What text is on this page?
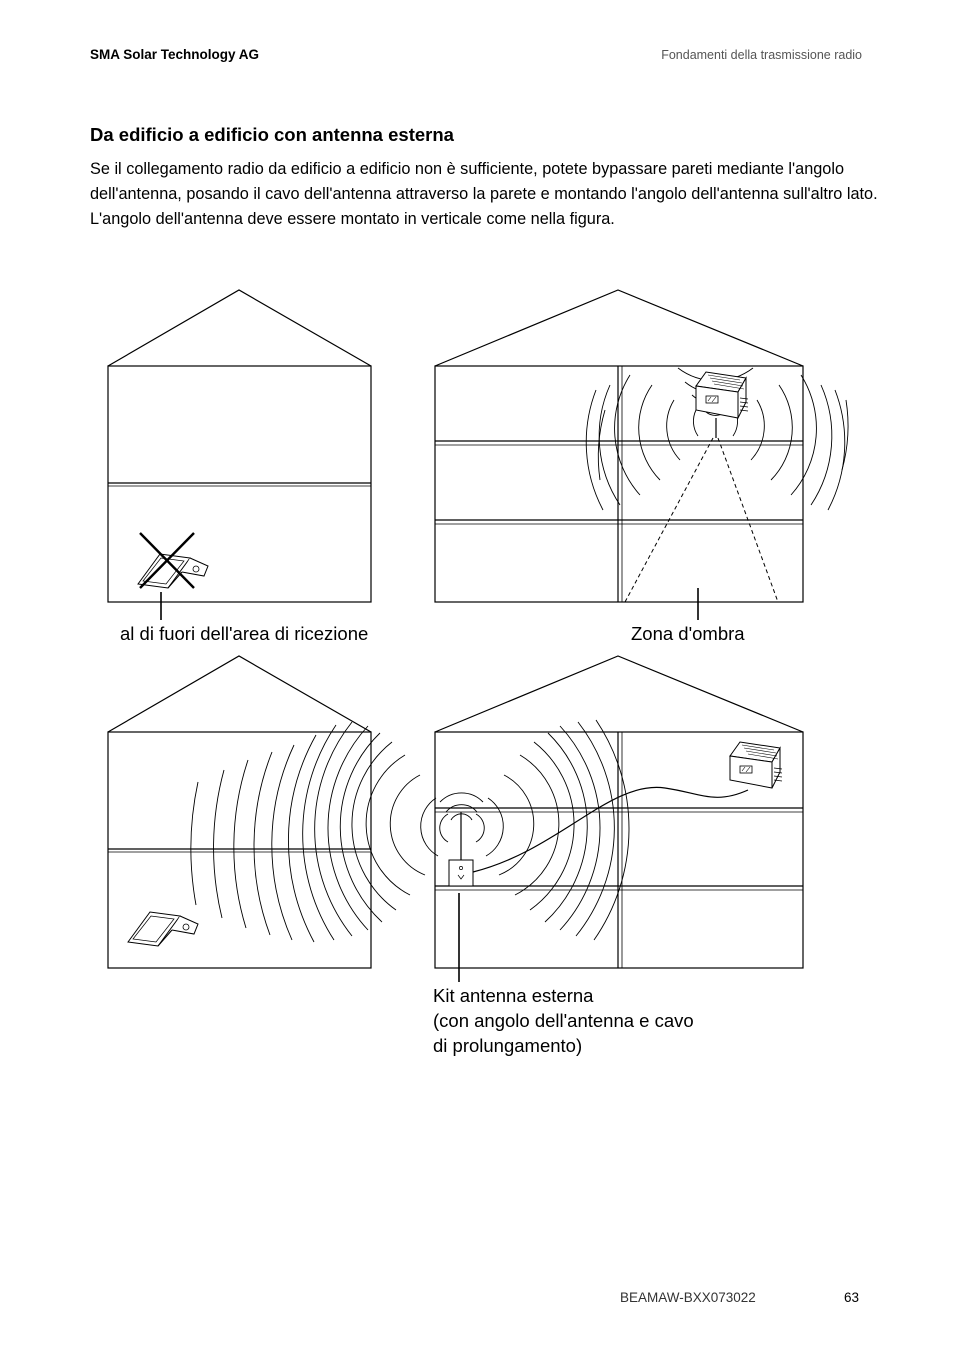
SMA Solar Technology AG	Fondamenti della trasmissione radio
Da edificio a edificio con antenna esterna
Se il collegamento radio da edificio a edificio non è sufficiente, potete bypassare pareti mediante l'angolo dell'antenna, posando il cavo dell'antenna attraverso la parete e montando l'angolo dell'antenna sull'altro lato. L'angolo dell'antenna deve essere montato in verticale come nella figura.
al di fuori dell'area di ricezione	Zona d'ombra
Kit antenna esterna
(con angolo dell'antenna e cavo
di prolungamento)
BEAMAW-BXX073022	63
